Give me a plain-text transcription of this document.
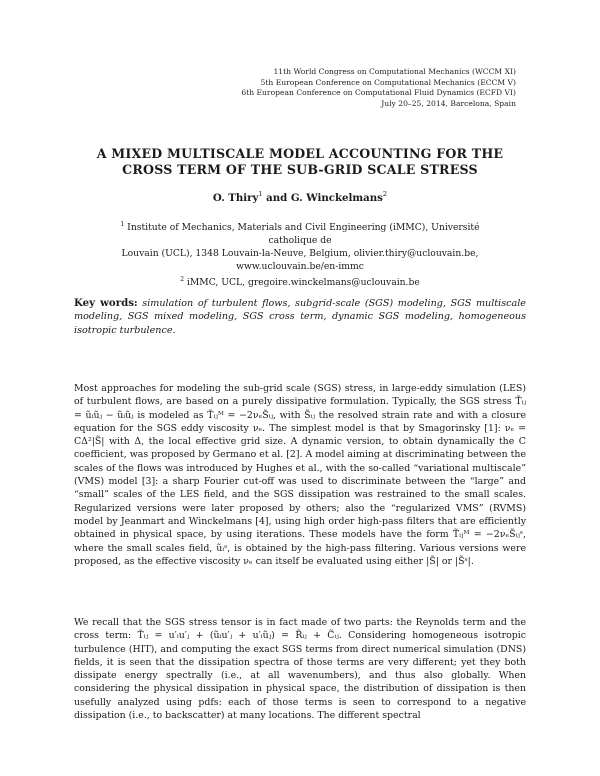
11th World Congress on Computational Mechanics (WCCM XI)
5th European Conference on Computational Mechanics (ECCM V)
6th European Conference on Computational Fluid Dynamics (ECFD VI)
July 20–25, 2014, Barcelona, Spain
A MIXED MULTISCALE MODEL ACCOUNTING FOR THE
CROSS TERM OF THE SUB-GRID SCALE STRESS
O. Thiry$^1$ and G. Winckelmans$^2$
$^1$ Institute of Mechanics, Materials and Civil Engineering (iMMC), Université catholique de
Louvain (UCL), 1348 Louvain-la-Neuve, Belgium, olivier.thiry@uclouvain.be,
www.uclouvain.be/en-immc
$^2$ iMMC, UCL, gregoire.winckelmans@uclouvain.be
Key words: simulation of turbulent flows, subgrid-scale (SGS) modeling, SGS multiscale modeling, SGS mixed modeling, SGS cross term, dynamic SGS modeling, homogeneous isotropic turbulence.
Most approaches for modeling the sub-grid scale (SGS) stress, in large-eddy simulation (LES) of turbulent flows, are based on a purely dissipative formulation. Typically, the SGS stress T̃ᵢⱼ = ũᵢũⱼ − ũᵢũⱼ is modeled as T̃ᵢⱼᴹ = −2νₑS̃ᵢⱼ, with S̃ᵢⱼ the resolved strain rate and with a closure equation for the SGS eddy viscosity νₑ. The simplest model is that by Smagorinsky [1]: νₑ = CΔ²|S̃| with Δ, the local effective grid size. A dynamic version, to obtain dynamically the C coefficient, was proposed by Germano et al. [2]. A model aiming at discriminating between the scales of the flows was introduced by Hughes et al., with the so-called “variational multiscale” (VMS) model [3]: a sharp Fourier cut-off was used to discriminate between the “large” and “small” scales of the LES field, and the SGS dissipation was restrained to the small scales. Regularized versions were later proposed by others; also the “regularized VMS” (RVMS) model by Jeanmart and Winckelmans [4], using high order high-pass filters that are efficiently obtained in physical space, by using iterations. These models have the form T̃ᵢⱼᴹ = −2νₑS̃ᵢⱼˢ, where the small scales field, ũᵢˢ, is obtained by the high-pass filtering. Various versions were proposed, as the effective viscosity νₑ can itself be evaluated using either |S̃| or |S̃ˢ|.
We recall that the SGS stress tensor is in fact made of two parts: the Reynolds term and the cross term: T̃ᵢⱼ = u′ᵢu′ⱼ + (ũᵢu′ⱼ + u′ᵢũⱼ) = R̃ᵢⱼ + C̃ᵢⱼ. Considering homogeneous isotropic turbulence (HIT), and computing the exact SGS terms from direct numerical simulation (DNS) fields, it is seen that the dissipation spectra of those terms are very different; yet they both dissipate energy spectrally (i.e., at all wavenumbers), and thus also globally. When considering the physical dissipation in physical space, the distribution of dissipation is then usefully analyzed using pdfs: each of those terms is seen to correspond to a negative dissipation (i.e., to backscatter) at many locations. The different spectral
